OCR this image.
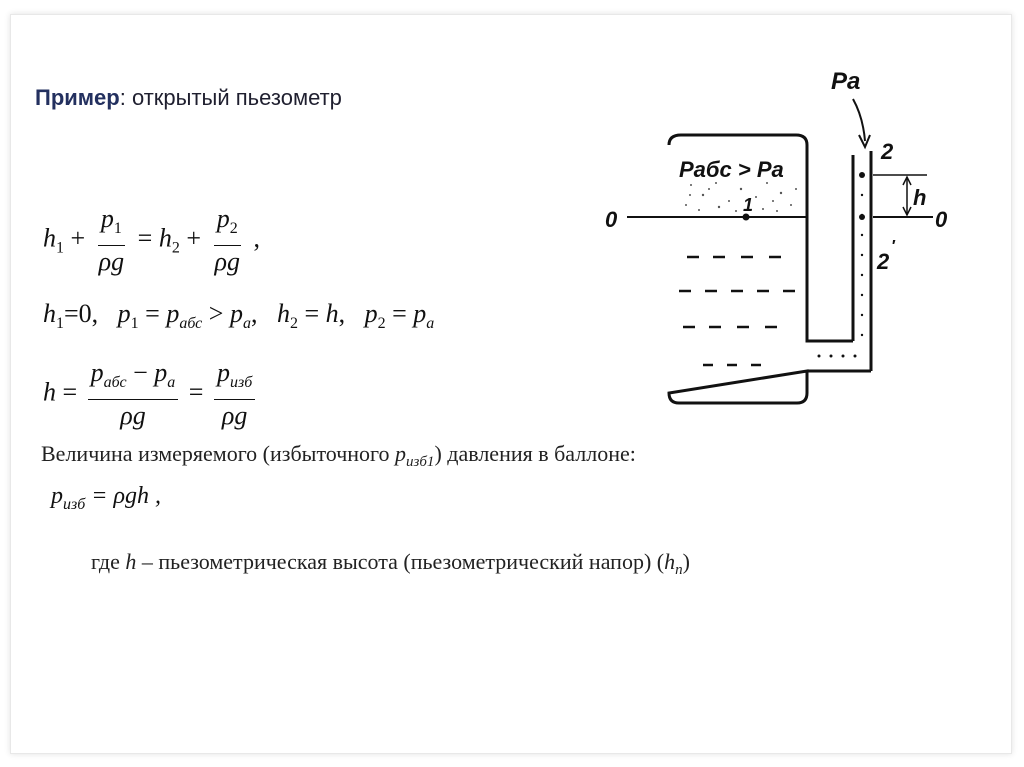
Пример: открытый пьезометр
$h_1 + \frac{p_1}{\rho g} = h_2 + \frac{p_2}{\rho g}$ ,
$h_1=0$, $p_1 = p_{абс} > p_a$, $h_2 = h$, $p_2 = p_a$
$h = \frac{p_{абс} - p_a}{\rho g} = \frac{p_{изб}}{\rho g}$
Величина измеряемого (избыточного $p_{изб1}$) давления в баллоне:
$p_{изб} = \rho gh$ ,
где h – пьезометрическая высота (пьезометрический напор) $(h_n)$
Pабс > Pa
1
Pa
2
2
′
h
0	0
